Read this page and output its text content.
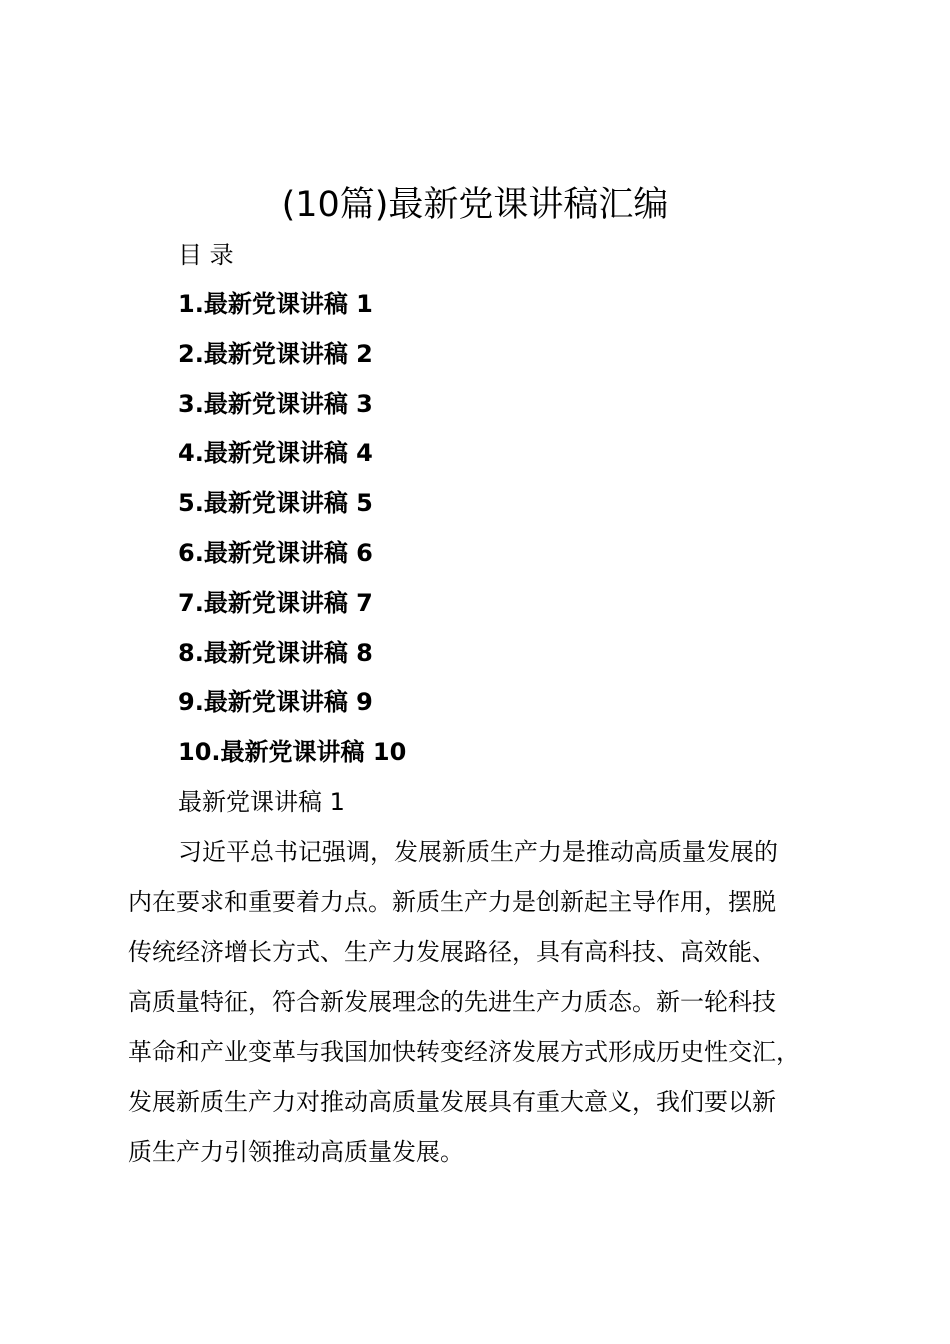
(10篇)最新党课讲稿汇编
目 录
1.最新党课讲稿 1
2.最新党课讲稿 2
3.最新党课讲稿 3
4.最新党课讲稿 4
5.最新党课讲稿 5
6.最新党课讲稿 6
7.最新党课讲稿 7
8.最新党课讲稿 8
9.最新党课讲稿 9
10.最新党课讲稿 10
最新党课讲稿 1

习近平总书记强调，发展新质生产力是推动高质量发展的
内在要求和重要着力点。新质生产力是创新起主导作用，摆脱
传统经济增长方式、生产力发展路径，具有高科技、高效能、
高质量特征，符合新发展理念的先进生产力质态。新一轮科技
革命和产业变革与我国加快转变经济发展方式形成历史性交汇，
发展新质生产力对推动高质量发展具有重大意义，我们要以新
质生产力引领推动高质量发展。
